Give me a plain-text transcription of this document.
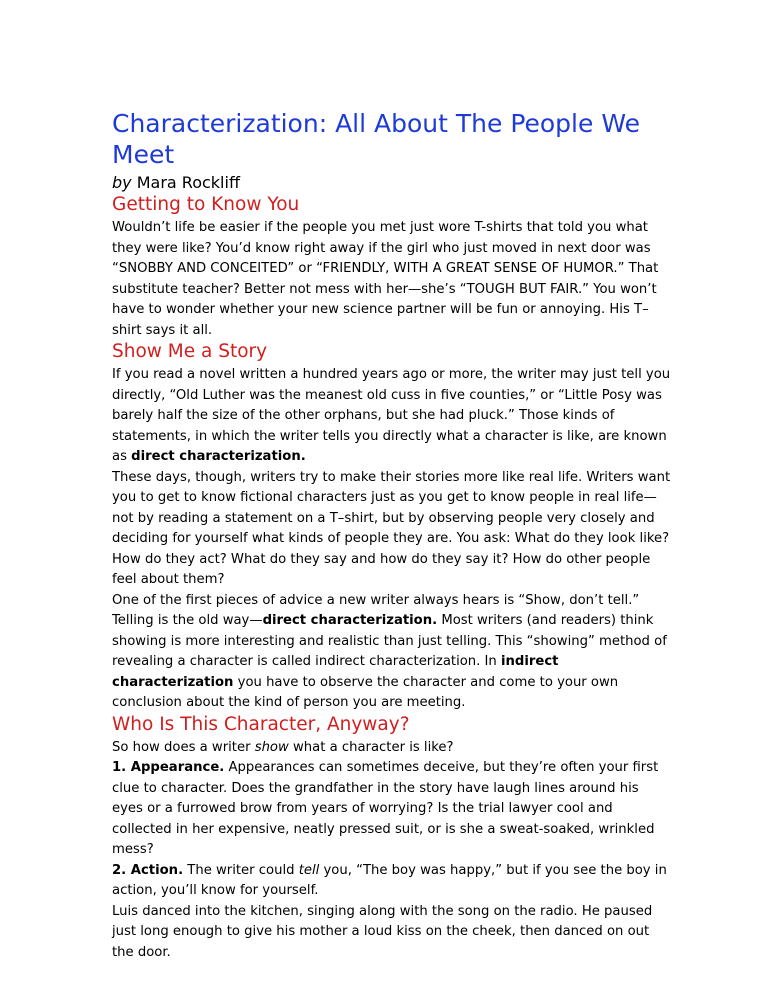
Characterization: All About The People We Meet
by Mara Rockliff
Getting to Know You

Wouldn’t life be easier if the people you met just wore T-shirts that told you what they were like? You’d know right away if the girl who just moved in next door was “SNOBBY AND CONCEITED” or “FRIENDLY, WITH A GREAT SENSE OF HUMOR.” That substitute teacher? Better not mess with her—she’s “TOUGH BUT FAIR.” You won’t have to wonder whether your new science partner will be fun or annoying. His T–shirt says it all.

Show Me a Story

If you read a novel written a hundred years ago or more, the writer may just tell you directly, “Old Luther was the meanest old cuss in five counties,” or “Little Posy was barely half the size of the other orphans, but she had pluck.” Those kinds of statements, in which the writer tells you directly what a character is like, are known as direct characterization.

These days, though, writers try to make their stories more like real life. Writers want you to get to know fictional characters just as you get to know people in real life—not by reading a statement on a T–shirt, but by observing people very closely and deciding for yourself what kinds of people they are. You ask: What do they look like? How do they act? What do they say and how do they say it? How do other people feel about them?

One of the first pieces of advice a new writer always hears is “Show, don’t tell.” Telling is the old way—direct characterization. Most writers (and readers) think showing is more interesting and realistic than just telling. This “showing” method of revealing a character is called indirect characterization. In indirect characterization you have to observe the character and come to your own conclusion about the kind of person you are meeting.

Who Is This Character, Anyway?

So how does a writer show what a character is like?

1. Appearance. Appearances can sometimes deceive, but they’re often your first clue to character. Does the grandfather in the story have laugh lines around his eyes or a furrowed brow from years of worrying? Is the trial lawyer cool and collected in her expensive, neatly pressed suit, or is she a sweat-soaked, wrinkled mess?

2. Action. The writer could tell you, “The boy was happy,” but if you see the boy in action, you’ll know for yourself.

Luis danced into the kitchen, singing along with the song on the radio. He paused just long enough to give his mother a loud kiss on the cheek, then danced on out the door.
